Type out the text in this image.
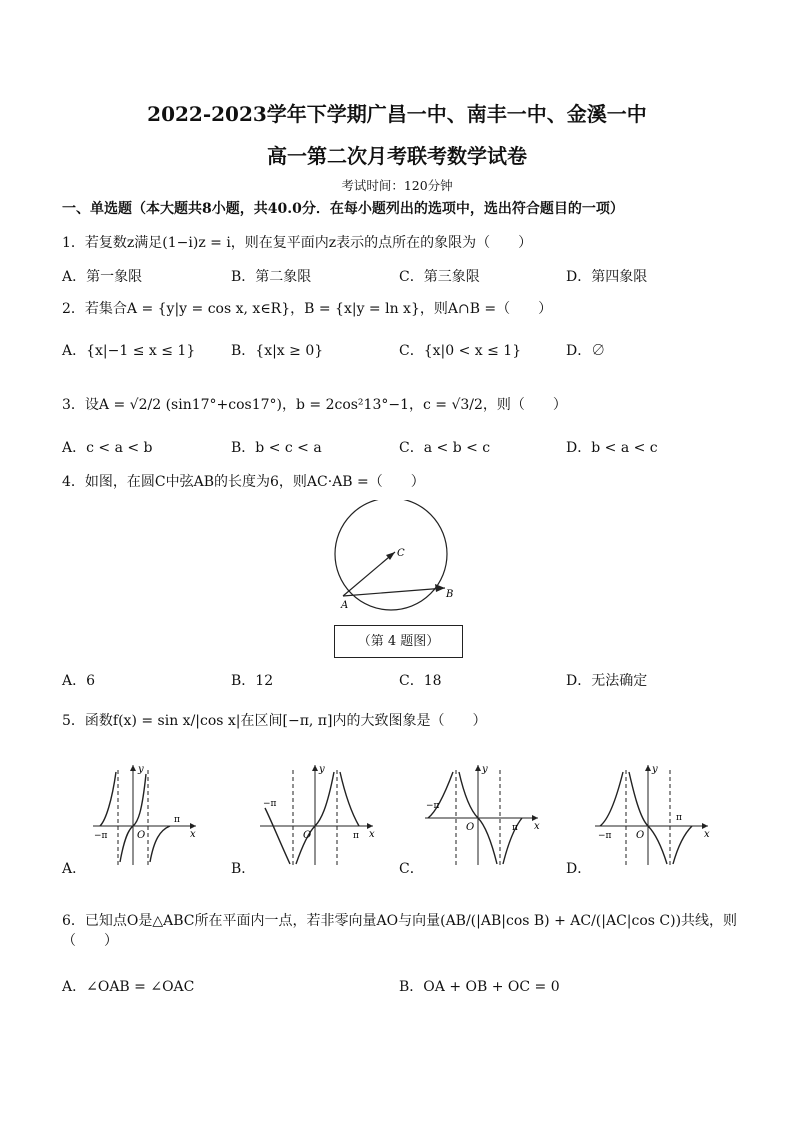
2022-2023学年下学期广昌一中、南丰一中、金溪一中
高一第二次月考联考数学试卷
考试时间：120分钟
一、单选题（本大题共8小题，共40.0分．在每小题列出的选项中，选出符合题目的一项）
1．若复数z满足(1−i)z = i，则在复平面内z表示的点所在的象限为（　　）
A．第一象限	B．第二象限	C．第三象限	D．第四象限
2．若集合A = {y|y = cos x, x∈R}，B = {x|y = ln x}，则A∩B =（　　）
A．{x|−1 ≤ x ≤ 1}	B．{x|x ≥ 0}	C．{x|0 < x ≤ 1}	D．∅
3．设A = √2/2 (sin17°+cos17°)，b = 2cos²13°−1，c = √3/2，则（　　）
A．c < a < b	B．b < c < a	C．a < b < c	D．b < a < c
4．如图，在圆C中弦AB的长度为6，则AC·AB =（　　）
C
B
A
（第 4 题图）
A．6	B．12	C．18	D．无法确定
5．函数f(x) = sin x/|cos x|在区间[−π, π]内的大致图象是（　　）
−π
π
O
y
x
−π
π
O
y
x
−π
π
O
y
x
−π
π
O
y
x
A．	B．	C．	D．
6．已知点O是△ABC所在平面内一点，若非零向量AO与向量(AB/(|AB|cos B) + AC/(|AC|cos C))共线，则（　　）
A．∠OAB = ∠OAC	B．OA + OB + OC = 0
